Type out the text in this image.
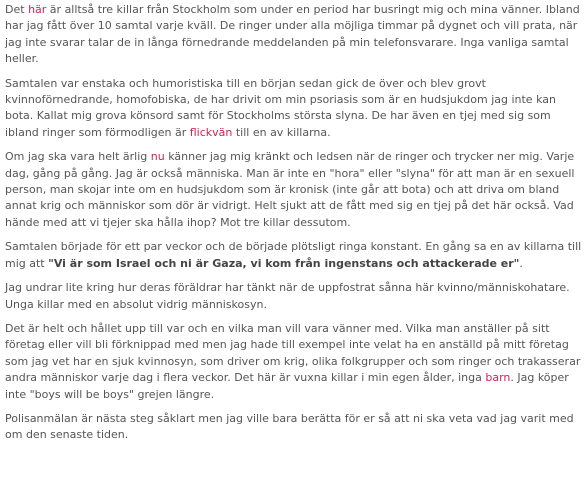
Det här är alltså tre killar från Stockholm som under en period har busringt mig och mina vänner. Ibland har jag fått över 10 samtal varje kväll. De ringer under alla möjliga timmar på dygnet och vill prata, när jag inte svarar talar de in långa förnedrande meddelanden på min telefonsvarare. Inga vanliga samtal heller.

Samtalen var enstaka och humoristiska till en början sedan gick de över och blev grovt kvinnoförnedrande, homofobiska, de har drivit om min psoriasis som är en hudsjukdom jag inte kan bota. Kallat mig grova könsord samt för Stockholms största slyna. De har även en tjej med sig som ibland ringer som förmodligen är flickvän till en av killarna.

Om jag ska vara helt ärlig nu känner jag mig kränkt och ledsen när de ringer och trycker ner mig. Varje dag, gång på gång. Jag är också människa. Man är inte en "hora" eller "slyna" för att man är en sexuell person, man skojar inte om en hudsjukdom som är kronisk (inte går att bota) och att driva om bland annat krig och människor som dör är vidrigt. Helt sjukt att de fått med sig en tjej på det här också. Vad hände med att vi tjejer ska hålla ihop? Mot tre killar dessutom.

Samtalen började för ett par veckor och de började plötsligt ringa konstant. En gång sa en av killarna till mig att "Vi är som Israel och ni är Gaza, vi kom från ingenstans och attackerade er".

Jag undrar lite kring hur deras föräldrar har tänkt när de uppfostrat sånna här kvinno/människohatare. Unga killar med en absolut vidrig människosyn.

Det är helt och hållet upp till var och en vilka man vill vara vänner med. Vilka man anställer på sitt företag eller vill bli förknippad med men jag hade till exempel inte velat ha en anställd på mitt företag som jag vet har en sjuk kvinnosyn, som driver om krig, olika folkgrupper och som ringer och trakasserar andra människor varje dag i flera veckor. Det här är vuxna killar i min egen ålder, inga barn. Jag köper inte "boys will be boys" grejen längre.

Polisanmälan är nästa steg såklart men jag ville bara berätta för er så att ni ska veta vad jag varit med om den senaste tiden.
